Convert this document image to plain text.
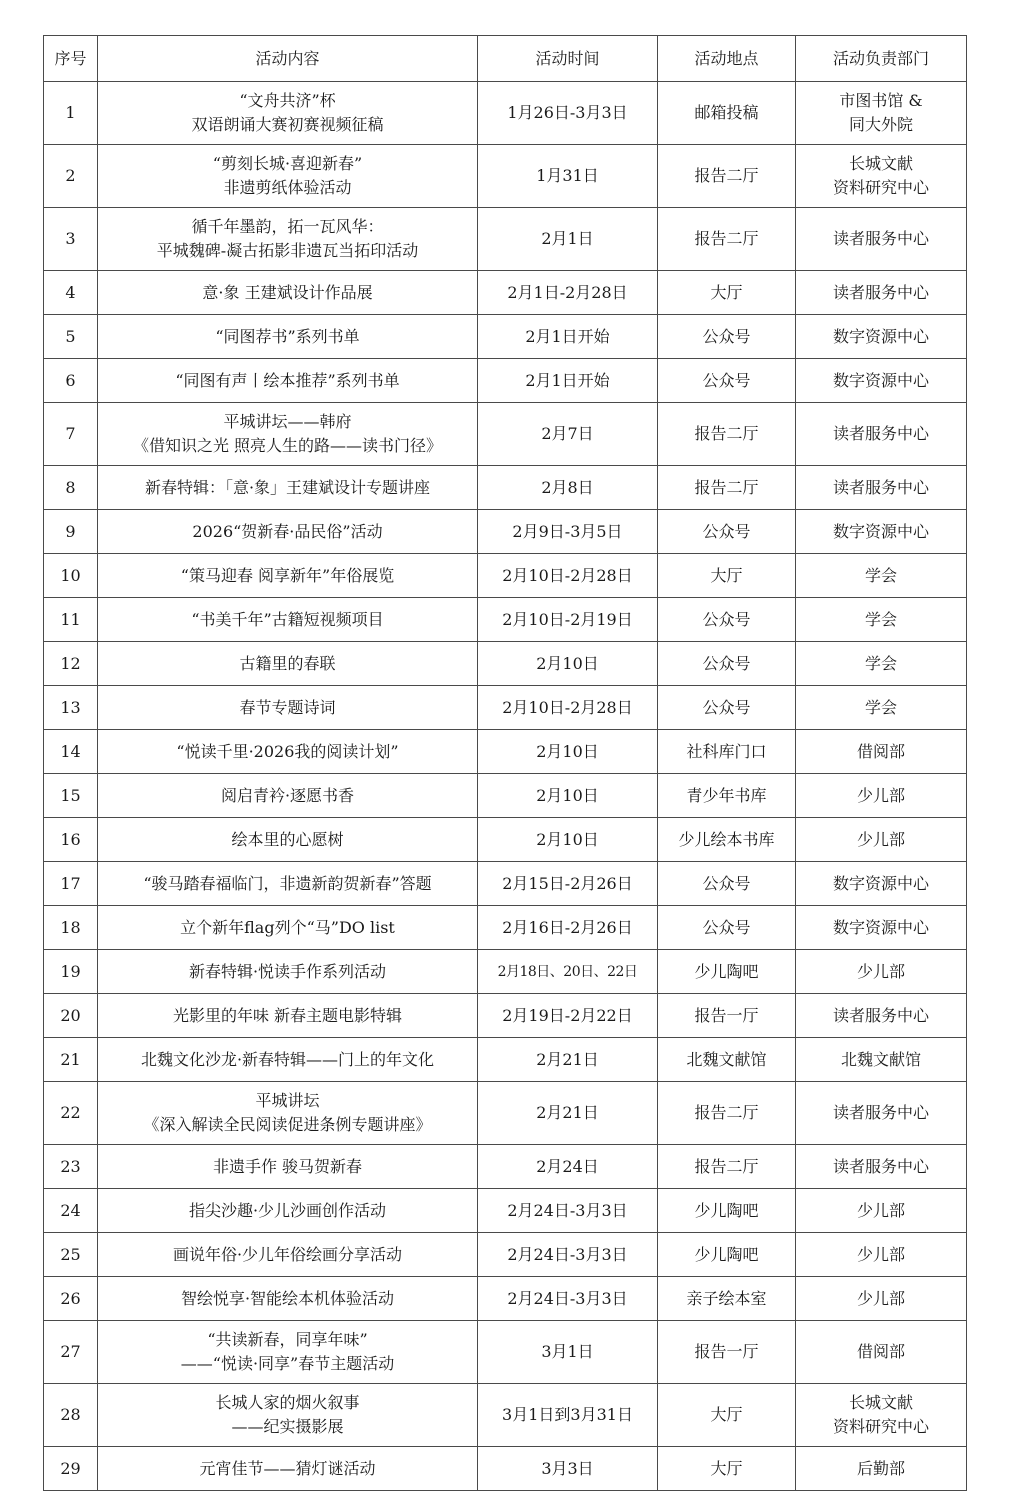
序号	活动内容	活动时间	活动地点	活动负责部门
1	“文舟共济”杯
双语朗诵大赛初赛视频征稿	1月26日-3月3日	邮箱投稿	市图书馆 &
同大外院

2	“剪刻长城·喜迎新春”
非遗剪纸体验活动	1月31日	报告二厅	长城文献
资料研究中心

3	循千年墨韵，拓一瓦风华：
平城魏碑-凝古拓影非遗瓦当拓印活动	2月1日	报告二厅	读者服务中心

4	意·象 王建斌设计作品展	2月1日-2月28日	大厅	读者服务中心

5	“同图荐书”系列书单	2月1日开始	公众号	数字资源中心

6	“同图有声丨绘本推荐”系列书单	2月1日开始	公众号	数字资源中心

7	平城讲坛——韩府
《借知识之光 照亮人生的路——读书门径》	2月7日	报告二厅	读者服务中心

8	新春特辑：「意·象」王建斌设计专题讲座	2月8日	报告二厅	读者服务中心

9	2026“贺新春·品民俗”活动	2月9日-3月5日	公众号	数字资源中心

10	“策马迎春 阅享新年”年俗展览	2月10日-2月28日	大厅	学会

11	“书美千年”古籍短视频项目	2月10日-2月19日	公众号	学会

12	古籍里的春联	2月10日	公众号	学会

13	春节专题诗词	2月10日-2月28日	公众号	学会

14	“悦读千里·2026我的阅读计划”	2月10日	社科库门口	借阅部

15	阅启青衿·逐愿书香	2月10日	青少年书库	少儿部

16	绘本里的心愿树	2月10日	少儿绘本书库	少儿部

17	“骏马踏春福临门，非遗新韵贺新春”答题	2月15日-2月26日	公众号	数字资源中心

18	立个新年flag列个“马”DO list	2月16日-2月26日	公众号	数字资源中心

19	新春特辑·悦读手作系列活动	2月18日、20日、22日	少儿陶吧	少儿部

20	光影里的年味 新春主题电影特辑	2月19日-2月22日	报告一厅	读者服务中心

21	北魏文化沙龙·新春特辑——门上的年文化	2月21日	北魏文献馆	北魏文献馆

22	平城讲坛
《深入解读全民阅读促进条例专题讲座》	2月21日	报告二厅	读者服务中心

23	非遗手作 骏马贺新春	2月24日	报告二厅	读者服务中心

24	指尖沙趣·少儿沙画创作活动	2月24日-3月3日	少儿陶吧	少儿部

25	画说年俗·少儿年俗绘画分享活动	2月24日-3月3日	少儿陶吧	少儿部

26	智绘悦享·智能绘本机体验活动	2月24日-3月3日	亲子绘本室	少儿部

27	“共读新春，同享年味”
——“悦读·同享”春节主题活动	3月1日	报告一厅	借阅部

28	长城人家的烟火叙事
——纪实摄影展	3月1日到3月31日	大厅	长城文献
资料研究中心

29	元宵佳节——猜灯谜活动	3月3日	大厅	后勤部
